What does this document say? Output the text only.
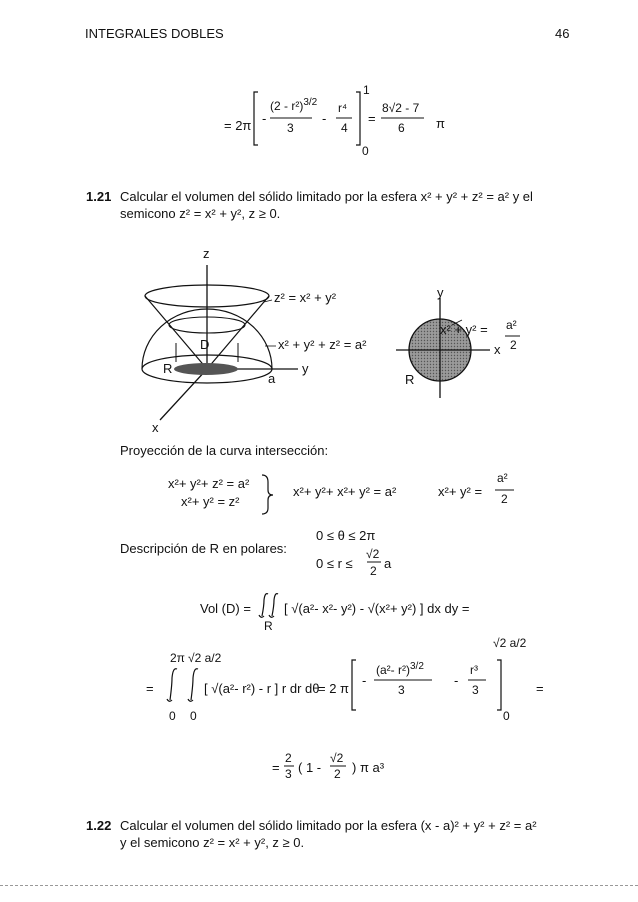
INTEGRALES DOBLES	46
= 2π -
(2 - r²)$^{3/2}$
3
-
r⁴
4
1
0
=
8√2 - 7
6 π
1.21 Calcular el volumen del sólido limitado por la esfera x² + y² + z² = a² y el
semicono z² = x² + y², z ≥ 0.
z
y
x
z² = x² + y²
x² + y² + z² = a²
D
R
a
y
x
R
x² + y² = a²
2
Proyección de la curva intersección:
x²+ y²+ z² = a²
x²+ y² = z²
x²+ y²+ x²+ y² = a²	x²+ y² =
a²
2
Descripción de R en polares:
0 ≤ θ ≤ 2π
0 ≤ r ≤
√2
2 a
Vol (D) =	[ √(a²- x²- y²) - √(x²+ y²) ] dx dy =
R
=
2π √2 a/2
0 0
[ √(a²- r²) - r ] r dr dθ
= 2 π
-
(a²- r²)$^{3/2}$
3
-
r³
3
√2 a/2
0
=
=
2
3 ( 1 -
√2
2 ) π a³
1.22 Calcular el volumen del sólido limitado por la esfera (x - a)² + y² + z² = a²
y el semicono z² = x² + y², z ≥ 0.
